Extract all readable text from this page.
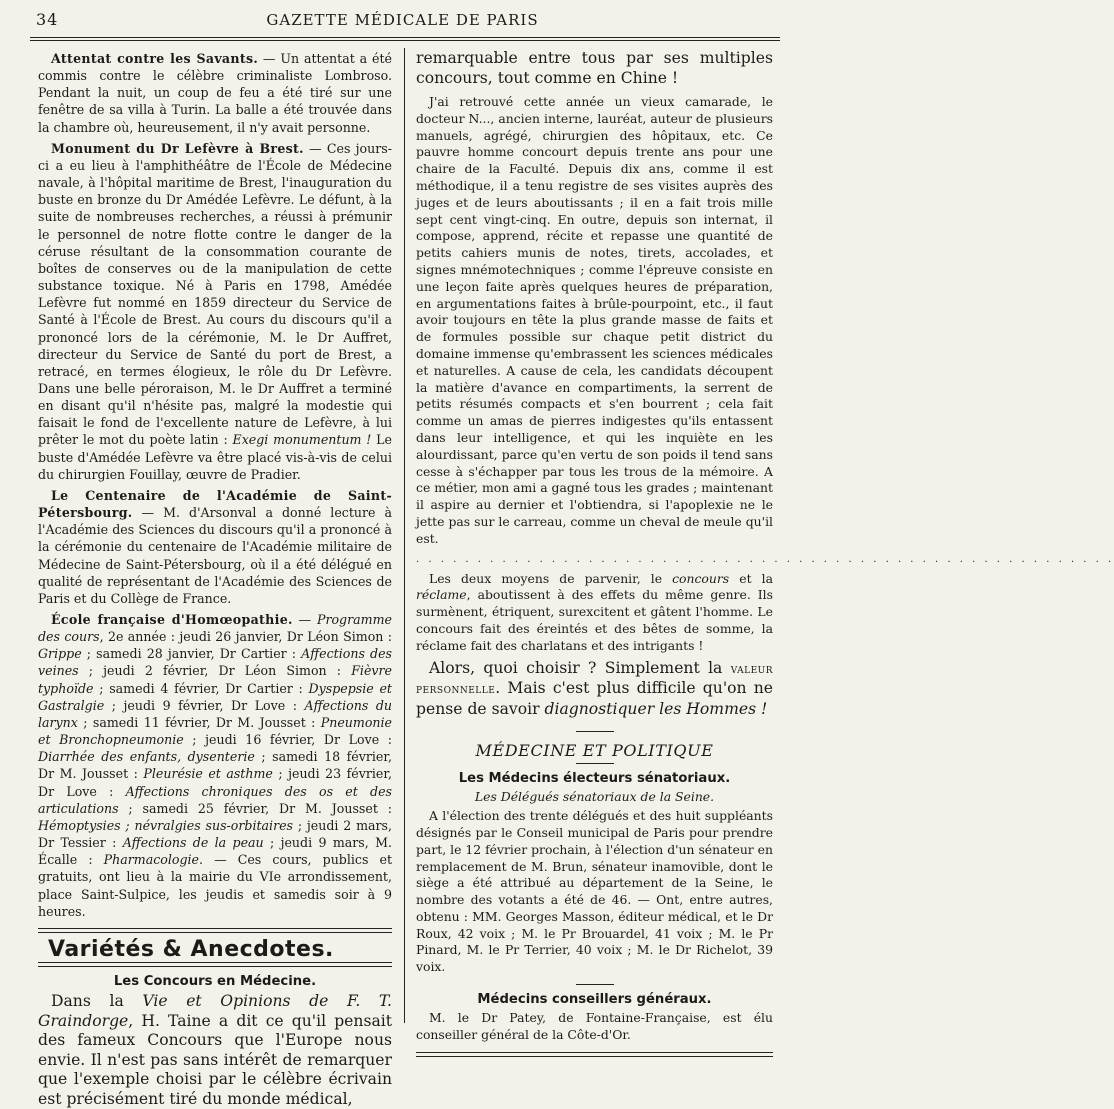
34	GAZETTE MÉDICALE DE PARIS

Attentat contre les Savants. — Un attentat a été commis contre le célèbre criminaliste Lombroso. Pendant la nuit, un coup de feu a été tiré sur une fenêtre de sa villa à Turin. La balle a été trouvée dans la chambre où, heureusement, il n'y avait personne.

Monument du Dr Lefèvre à Brest. — Ces jours-ci a eu lieu à l'amphithéâtre de l'École de Médecine navale, à l'hôpital maritime de Brest, l'inauguration du buste en bronze du Dr Amédée Lefèvre. Le défunt, à la suite de nombreuses recherches, a réussi à prémunir le personnel de notre flotte contre le danger de la céruse résultant de la consommation courante de boîtes de conserves ou de la manipulation de cette substance toxique. Né à Paris en 1798, Amédée Lefèvre fut nommé en 1859 directeur du Service de Santé à l'École de Brest. Au cours du discours qu'il a prononcé lors de la cérémonie, M. le Dr Auffret, directeur du Service de Santé du port de Brest, a retracé, en termes élogieux, le rôle du Dr Lefèvre. Dans une belle péroraison, M. le Dr Auffret a terminé en disant qu'il n'hésite pas, malgré la modestie qui faisait le fond de l'excellente nature de Lefèvre, à lui prêter le mot du poète latin : Exegi monumentum ! Le buste d'Amédée Lefèvre va être placé vis-à-vis de celui du chirurgien Fouillay, œuvre de Pradier.

Le Centenaire de l'Académie de Saint-Pétersbourg. — M. d'Arsonval a donné lecture à l'Académie des Sciences du discours qu'il a prononcé à la cérémonie du centenaire de l'Académie militaire de Médecine de Saint-Pétersbourg, où il a été délégué en qualité de représentant de l'Académie des Sciences de Paris et du Collège de France.

École française d'Homœopathie. — Programme des cours, 2e année : jeudi 26 janvier, Dr Léon Simon : Grippe ; samedi 28 janvier, Dr Cartier : Affections des veines ; jeudi 2 février, Dr Léon Simon : Fièvre typhoïde ; samedi 4 février, Dr Cartier : Dyspepsie et Gastralgie ; jeudi 9 février, Dr Love : Affections du larynx ; samedi 11 février, Dr M. Jousset : Pneumonie et Bronchopneumonie ; jeudi 16 février, Dr Love : Diarrhée des enfants, dysenterie ; samedi 18 février, Dr M. Jousset : Pleurésie et asthme ; jeudi 23 février, Dr Love : Affections chroniques des os et des articulations ; samedi 25 février, Dr M. Jousset : Hémoptysies ; névralgies sus-orbitaires ; jeudi 2 mars, Dr Tessier : Affections de la peau ; jeudi 9 mars, M. Écalle : Pharmacologie. — Ces cours, publics et gratuits, ont lieu à la mairie du VIe arrondissement, place Saint-Sulpice, les jeudis et samedis soir à 9 heures.

Variétés & Anecdotes.
Les Concours en Médecine.

Dans la Vie et Opinions de F. T. Graindorge, H. Taine a dit ce qu'il pensait des fameux Concours que l'Europe nous envie. Il n'est pas sans intérêt de remarquer que l'exemple choisi par le célèbre écrivain est précisément tiré du monde médical,

remarquable entre tous par ses multiples concours, tout comme en Chine !

J'ai retrouvé cette année un vieux camarade, le docteur N..., ancien interne, lauréat, auteur de plusieurs manuels, agrégé, chirurgien des hôpitaux, etc. Ce pauvre homme concourt depuis trente ans pour une chaire de la Faculté. Depuis dix ans, comme il est méthodique, il a tenu registre de ses visites auprès des juges et de leurs aboutissants ; il en a fait trois mille sept cent vingt-cinq. En outre, depuis son internat, il compose, apprend, récite et repasse une quantité de petits cahiers munis de notes, tirets, accolades, et signes mnémotechniques ; comme l'épreuve consiste en une leçon faite après quelques heures de préparation, en argumentations faites à brûle-pourpoint, etc., il faut avoir toujours en tête la plus grande masse de faits et de formules possible sur chaque petit district du domaine immense qu'embrassent les sciences médicales et naturelles. A cause de cela, les candidats découpent la matière d'avance en compartiments, la serrent de petits résumés compacts et s'en bourrent ; cela fait comme un amas de pierres indigestes qu'ils entassent dans leur intelligence, et qui les inquiète en les alourdissant, parce qu'en vertu de son poids il tend sans cesse à s'échapper par tous les trous de la mémoire. A ce métier, mon ami a gagné tous les grades ; maintenant il aspire au dernier et l'obtiendra, si l'apoplexie ne le jette pas sur le carreau, comme un cheval de meule qu'il est.

. . . . . . . . . . . . . . . . . . . . . . . . . . . . . . . . . . . . . . . . . . . . . . . . . . . . . . . . .

Les deux moyens de parvenir, le concours et la réclame, aboutissent à des effets du même genre. Ils surmènent, étriquent, surexcitent et gâtent l'homme. Le concours fait des éreintés et des bêtes de somme, la réclame fait des charlatans et des intrigants !

Alors, quoi choisir ? Simplement la valeur personnelle. Mais c'est plus difficile qu'on ne pense de savoir diagnostiquer les Hommes !

MÉDECINE ET POLITIQUE
Les Médecins électeurs sénatoriaux.

Les Délégués sénatoriaux de la Seine.

A l'élection des trente délégués et des huit suppléants désignés par le Conseil municipal de Paris pour prendre part, le 12 février prochain, à l'élection d'un sénateur en remplacement de M. Brun, sénateur inamovible, dont le siège a été attribué au département de la Seine, le nombre des votants a été de 46. — Ont, entre autres, obtenu : MM. Georges Masson, éditeur médical, et le Dr Roux, 42 voix ; M. le Pr Brouardel, 41 voix ; M. le Pr Pinard, M. le Pr Terrier, 40 voix ; M. le Dr Richelot, 39 voix.

Médecins conseillers généraux.

M. le Dr Patey, de Fontaine-Française, est élu conseiller général de la Côte-d'Or.
